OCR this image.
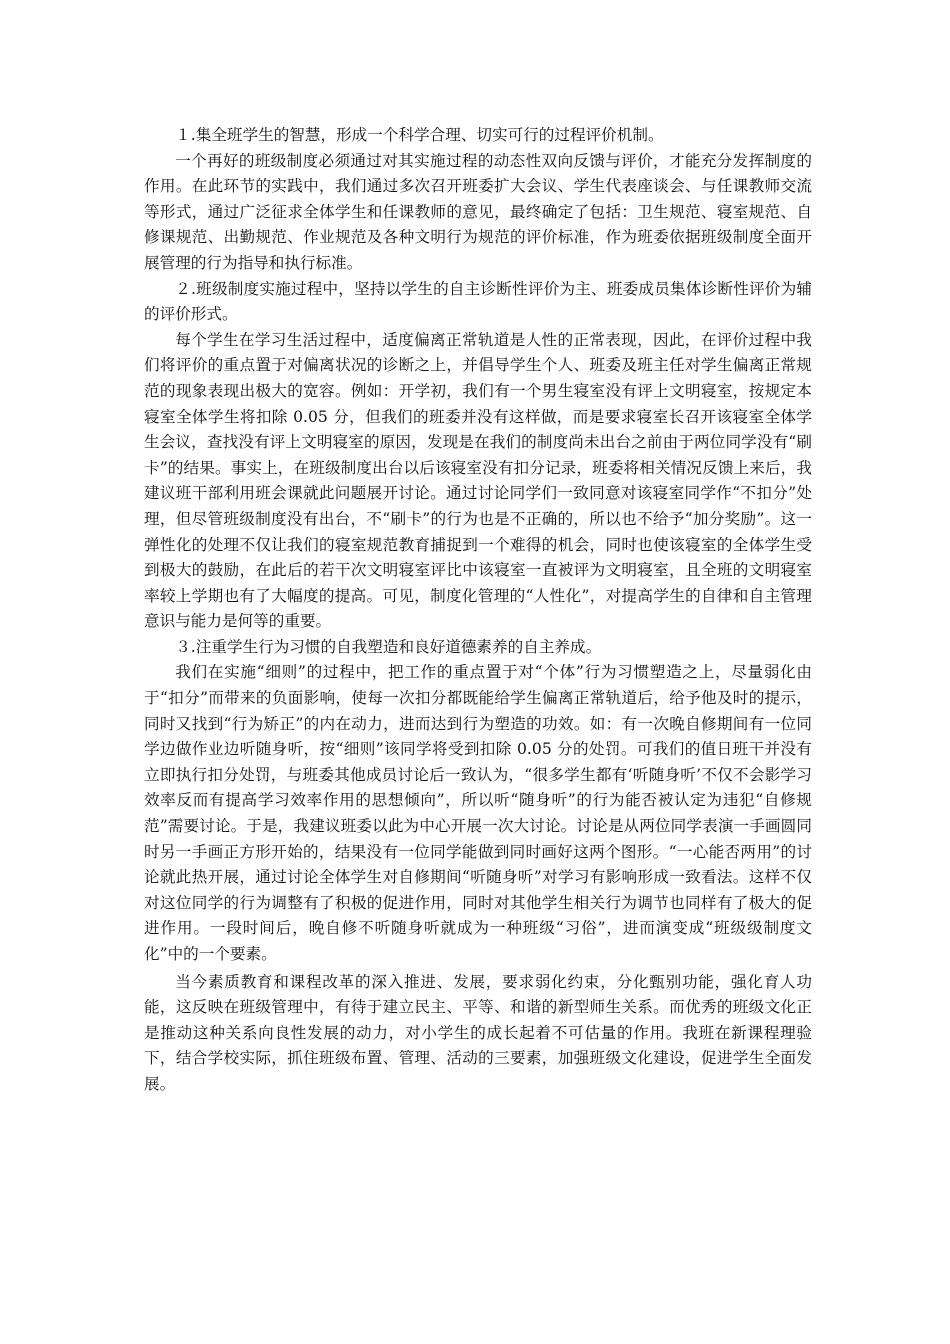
１.集全班学生的智慧，形成一个科学合理、切实可行的过程评价机制。

一个再好的班级制度必须通过对其实施过程的动态性双向反馈与评价，才能充分发挥制度的作用。在此环节的实践中，我们通过多次召开班委扩大会议、学生代表座谈会、与任课教师交流等形式，通过广泛征求全体学生和任课教师的意见，最终确定了包括：卫生规范、寝室规范、自修课规范、出勤规范、作业规范及各种文明行为规范的评价标准，作为班委依据班级制度全面开展管理的行为指导和执行标准。

２.班级制度实施过程中，坚持以学生的自主诊断性评价为主、班委成员集体诊断性评价为辅的评价形式。

每个学生在学习生活过程中，适度偏离正常轨道是人性的正常表现，因此，在评价过程中我们将评价的重点置于对偏离状况的诊断之上，并倡导学生个人、班委及班主任对学生偏离正常规范的现象表现出极大的宽容。例如：开学初，我们有一个男生寝室没有评上文明寝室，按规定本寝室全体学生将扣除 0.05 分，但我们的班委并没有这样做，而是要求寝室长召开该寝室全体学生会议，查找没有评上文明寝室的原因，发现是在我们的制度尚未出台之前由于两位同学没有“刷卡”的结果。事实上，在班级制度出台以后该寝室没有扣分记录，班委将相关情况反馈上来后，我建议班干部利用班会课就此问题展开讨论。通过讨论同学们一致同意对该寝室同学作“不扣分”处理，但尽管班级制度没有出台，不“刷卡”的行为也是不正确的，所以也不给予“加分奖励”。这一弹性化的处理不仅让我们的寝室规范教育捕捉到一个难得的机会，同时也使该寝室的全体学生受到极大的鼓励，在此后的若干次文明寝室评比中该寝室一直被评为文明寝室，且全班的文明寝室率较上学期也有了大幅度的提高。可见，制度化管理的“人性化”，对提高学生的自律和自主管理意识与能力是何等的重要。

３.注重学生行为习惯的自我塑造和良好道德素养的自主养成。

我们在实施“细则”的过程中，把工作的重点置于对“个体”行为习惯塑造之上，尽量弱化由于“扣分”而带来的负面影响，使每一次扣分都既能给学生偏离正常轨道后，给予他及时的提示，同时又找到“行为矫正”的内在动力，进而达到行为塑造的功效。如：有一次晚自修期间有一位同学边做作业边听随身听，按“细则”该同学将受到扣除 0.05 分的处罚。可我们的值日班干并没有立即执行扣分处罚，与班委其他成员讨论后一致认为，“很多学生都有‘听随身听’不仅不会影学习效率反而有提高学习效率作用的思想倾向”，所以听“随身听”的行为能否被认定为违犯“自修规范”需要讨论。于是，我建议班委以此为中心开展一次大讨论。讨论是从两位同学表演一手画圆同时另一手画正方形开始的，结果没有一位同学能做到同时画好这两个图形。“一心能否两用”的讨论就此热开展，通过讨论全体学生对自修期间“听随身听”对学习有影响形成一致看法。这样不仅对这位同学的行为调整有了积极的促进作用，同时对其他学生相关行为调节也同样有了极大的促进作用。一段时间后，晚自修不听随身听就成为一种班级“习俗”，进而演变成“班级级制度文化”中的一个要素。

当今素质教育和课程改革的深入推进、发展，要求弱化约束，分化甄别功能，强化育人功能，这反映在班级管理中，有待于建立民主、平等、和谐的新型师生关系。而优秀的班级文化正是推动这种关系向良性发展的动力，对小学生的成长起着不可估量的作用。我班在新课程理验下，结合学校实际，抓住班级布置、管理、活动的三要素，加强班级文化建设，促进学生全面发展。
